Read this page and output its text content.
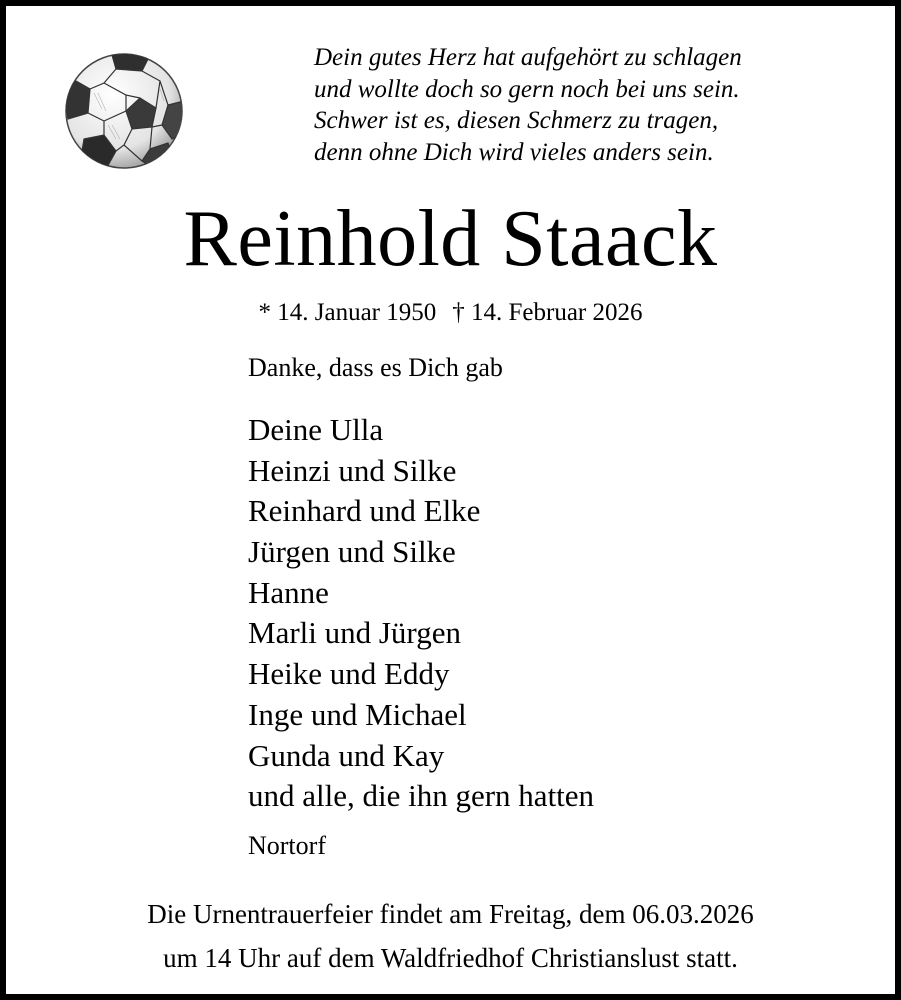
Dein gutes Herz hat aufgehört zu schlagen
und wollte doch so gern noch bei uns sein.
Schwer ist es, diesen Schmerz zu tragen,
denn ohne Dich wird vieles anders sein.
Reinhold Staack
* 14. Januar 1950 † 14. Februar 2026
Danke, dass es Dich gab
Deine Ulla
Heinzi und Silke
Reinhard und Elke
Jürgen und Silke
Hanne
Marli und Jürgen
Heike und Eddy
Inge und Michael
Gunda und Kay
und alle, die ihn gern hatten
Nortorf
Die Urnentrauerfeier findet am Freitag, dem 06.03.2026
um 14 Uhr auf dem Waldfriedhof Christianslust statt.
